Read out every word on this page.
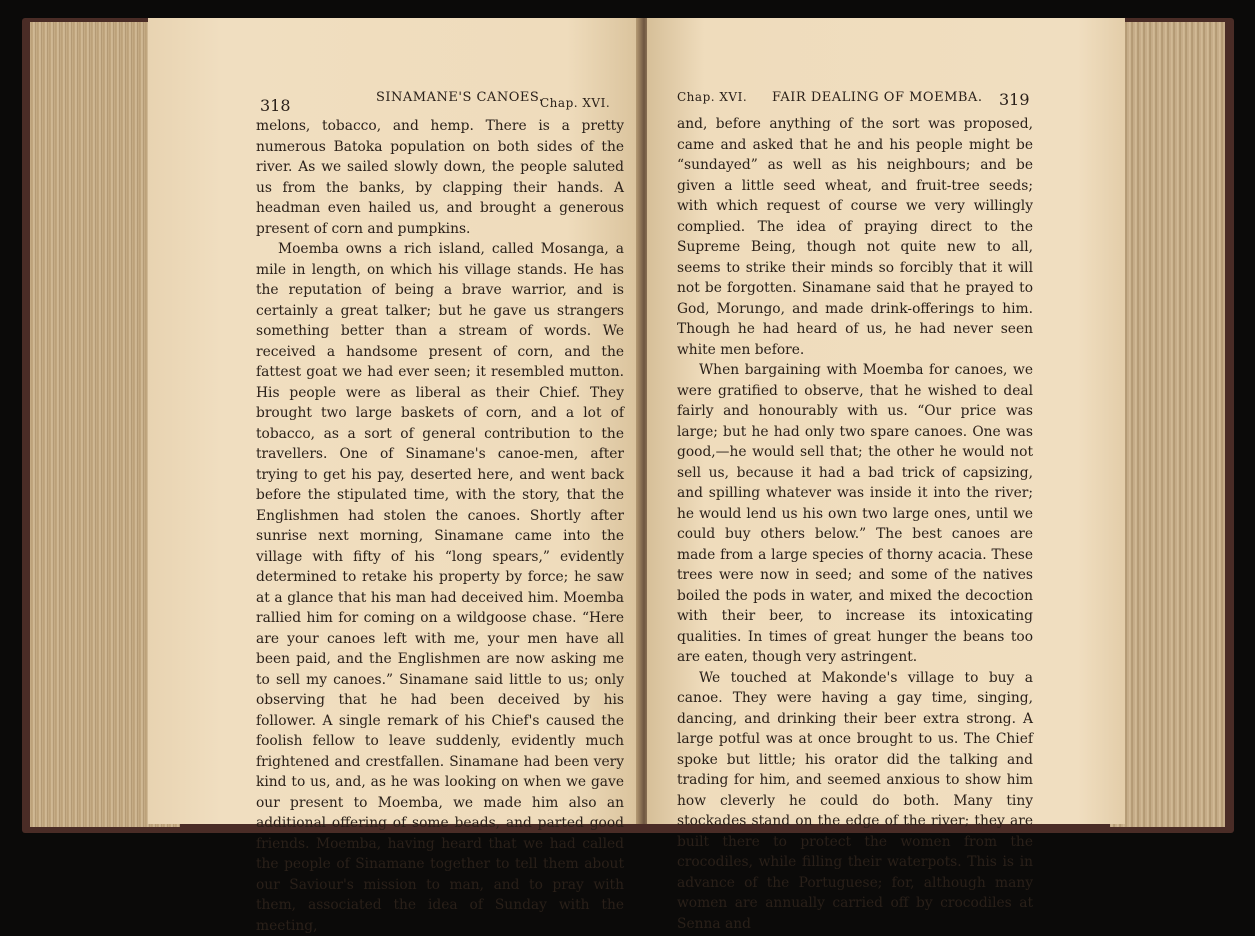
318	SINAMANE'S CANOES.
Chap. XVI.

melons, tobacco, and hemp. There is a pretty numerous Batoka population on both sides of the river. As we sailed slowly down, the people saluted us from the banks, by clapping their hands. A headman even hailed us, and brought a generous present of corn and pumpkins.

Moemba owns a rich island, called Mosanga, a mile in length, on which his village stands. He has the reputation of being a brave warrior, and is certainly a great talker; but he gave us strangers something better than a stream of words. We received a handsome present of corn, and the fattest goat we had ever seen; it resembled mutton. His people were as liberal as their Chief. They brought two large baskets of corn, and a lot of tobacco, as a sort of general contribution to the travellers. One of Sinamane's canoe-men, after trying to get his pay, deserted here, and went back before the stipulated time, with the story, that the Englishmen had stolen the canoes. Shortly after sunrise next morning, Sinamane came into the village with fifty of his “long spears,” evidently determined to retake his property by force; he saw at a glance that his man had deceived him. Moemba rallied him for coming on a wildgoose chase. “Here are your canoes left with me, your men have all been paid, and the Englishmen are now asking me to sell my canoes.” Sinamane said little to us; only observing that he had been deceived by his follower. A single remark of his Chief's caused the foolish fellow to leave suddenly, evidently much frightened and crestfallen. Sinamane had been very kind to us, and, as he was looking on when we gave our present to Moemba, we made him also an additional offering of some beads, and parted good friends. Moemba, having heard that we had called the people of Sinamane together to tell them about our Saviour's mission to man, and to pray with them, associated the idea of Sunday with the meeting,

Chap. XVI. FAIR DEALING OF MOEMBA. 319

and, before anything of the sort was proposed, came and asked that he and his people might be “sundayed” as well as his neighbours; and be given a little seed wheat, and fruit-tree seeds; with which request of course we very willingly complied. The idea of praying direct to the Supreme Being, though not quite new to all, seems to strike their minds so forcibly that it will not be forgotten. Sinamane said that he prayed to God, Morungo, and made drink-offerings to him. Though he had heard of us, he had never seen white men before.

When bargaining with Moemba for canoes, we were gratified to observe, that he wished to deal fairly and honourably with us. “Our price was large; but he had only two spare canoes. One was good,—he would sell that; the other he would not sell us, because it had a bad trick of capsizing, and spilling whatever was inside it into the river; he would lend us his own two large ones, until we could buy others below.” The best canoes are made from a large species of thorny acacia. These trees were now in seed; and some of the natives boiled the pods in water, and mixed the decoction with their beer, to increase its intoxicating qualities. In times of great hunger the beans too are eaten, though very astringent.

We touched at Makonde's village to buy a canoe. They were having a gay time, singing, dancing, and drinking their beer extra strong. A large potful was at once brought to us. The Chief spoke but little; his orator did the talking and trading for him, and seemed anxious to show him how cleverly he could do both. Many tiny stockades stand on the edge of the river; they are built there to protect the women from the crocodiles, while filling their waterpots. This is in advance of the Portuguese; for, although many women are annually carried off by crocodiles at Senna and
